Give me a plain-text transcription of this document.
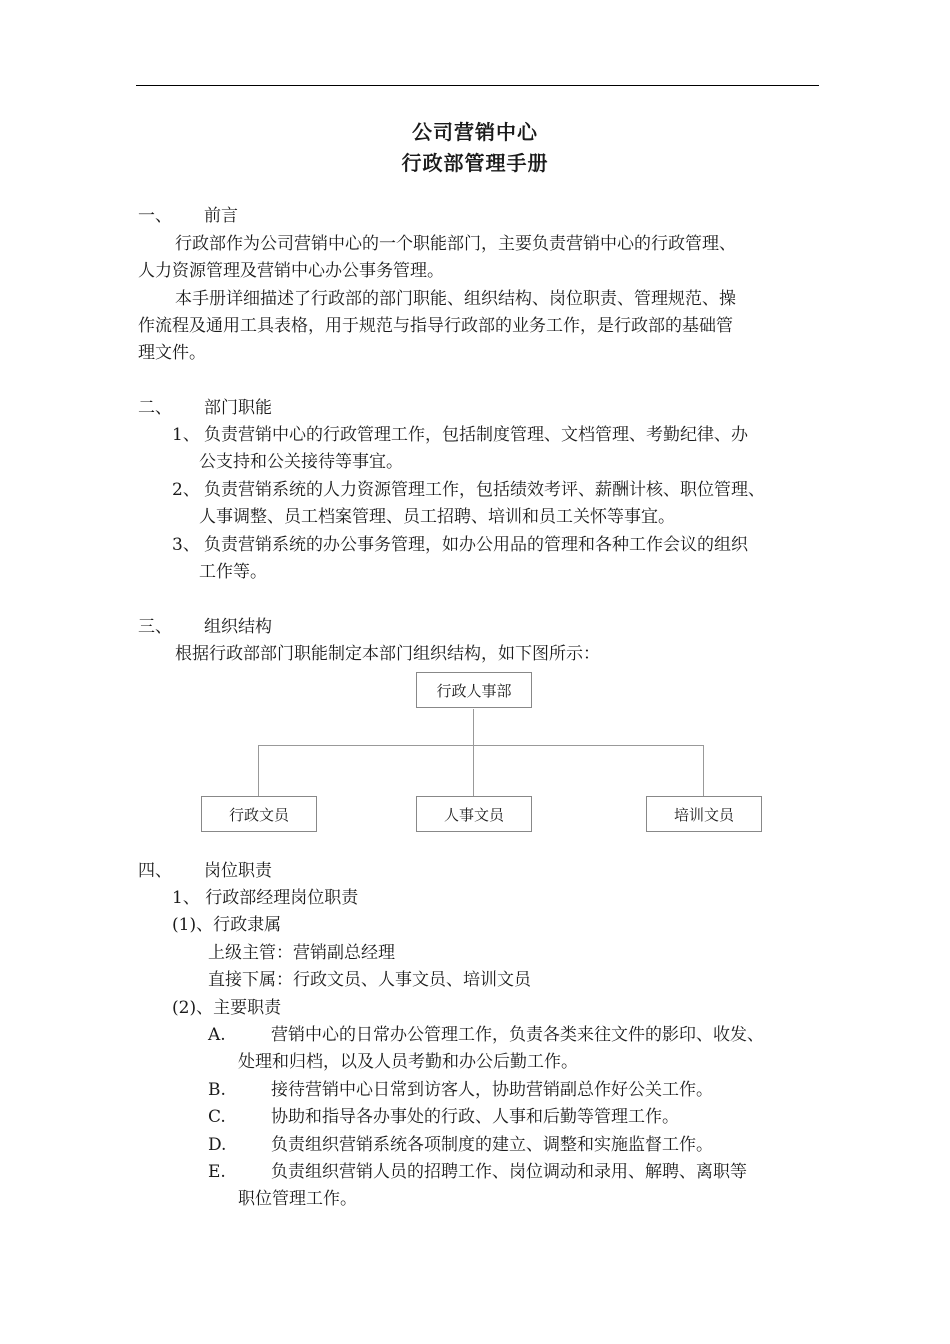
公司营销中心
行政部管理手册
一、 前言
行政部作为公司营销中心的一个职能部门，主要负责营销中心的行政管理、
人力资源管理及营销中心办公事务管理。
本手册详细描述了行政部的部门职能、组织结构、岗位职责、管理规范、操
作流程及通用工具表格，用于规范与指导行政部的业务工作，是行政部的基础管
理文件。
二、 部门职能
1、 负责营销中心的行政管理工作，包括制度管理、文档管理、考勤纪律、办
公支持和公关接待等事宜。
2、 负责营销系统的人力资源管理工作，包括绩效考评、薪酬计核、职位管理、
人事调整、员工档案管理、员工招聘、培训和员工关怀等事宜。
3、 负责营销系统的办公事务管理，如办公用品的管理和各种工作会议的组织
工作等。
三、 组织结构
根据行政部部门职能制定本部门组织结构，如下图所示：
行政人事部
行政文员	人事文员	培训文员
四、 岗位职责
1、 行政部经理岗位职责
(1)、行政隶属
上级主管：营销副总经理
直接下属：行政文员、人事文员、培训文员
(2)、主要职责
A.	营销中心的日常办公管理工作，负责各类来往文件的影印、收发、
处理和归档，以及人员考勤和办公后勤工作。
B.	接待营销中心日常到访客人，协助营销副总作好公关工作。
C.	协助和指导各办事处的行政、人事和后勤等管理工作。
D.	负责组织营销系统各项制度的建立、调整和实施监督工作。
E.	负责组织营销人员的招聘工作、岗位调动和录用、解聘、离职等
职位管理工作。
